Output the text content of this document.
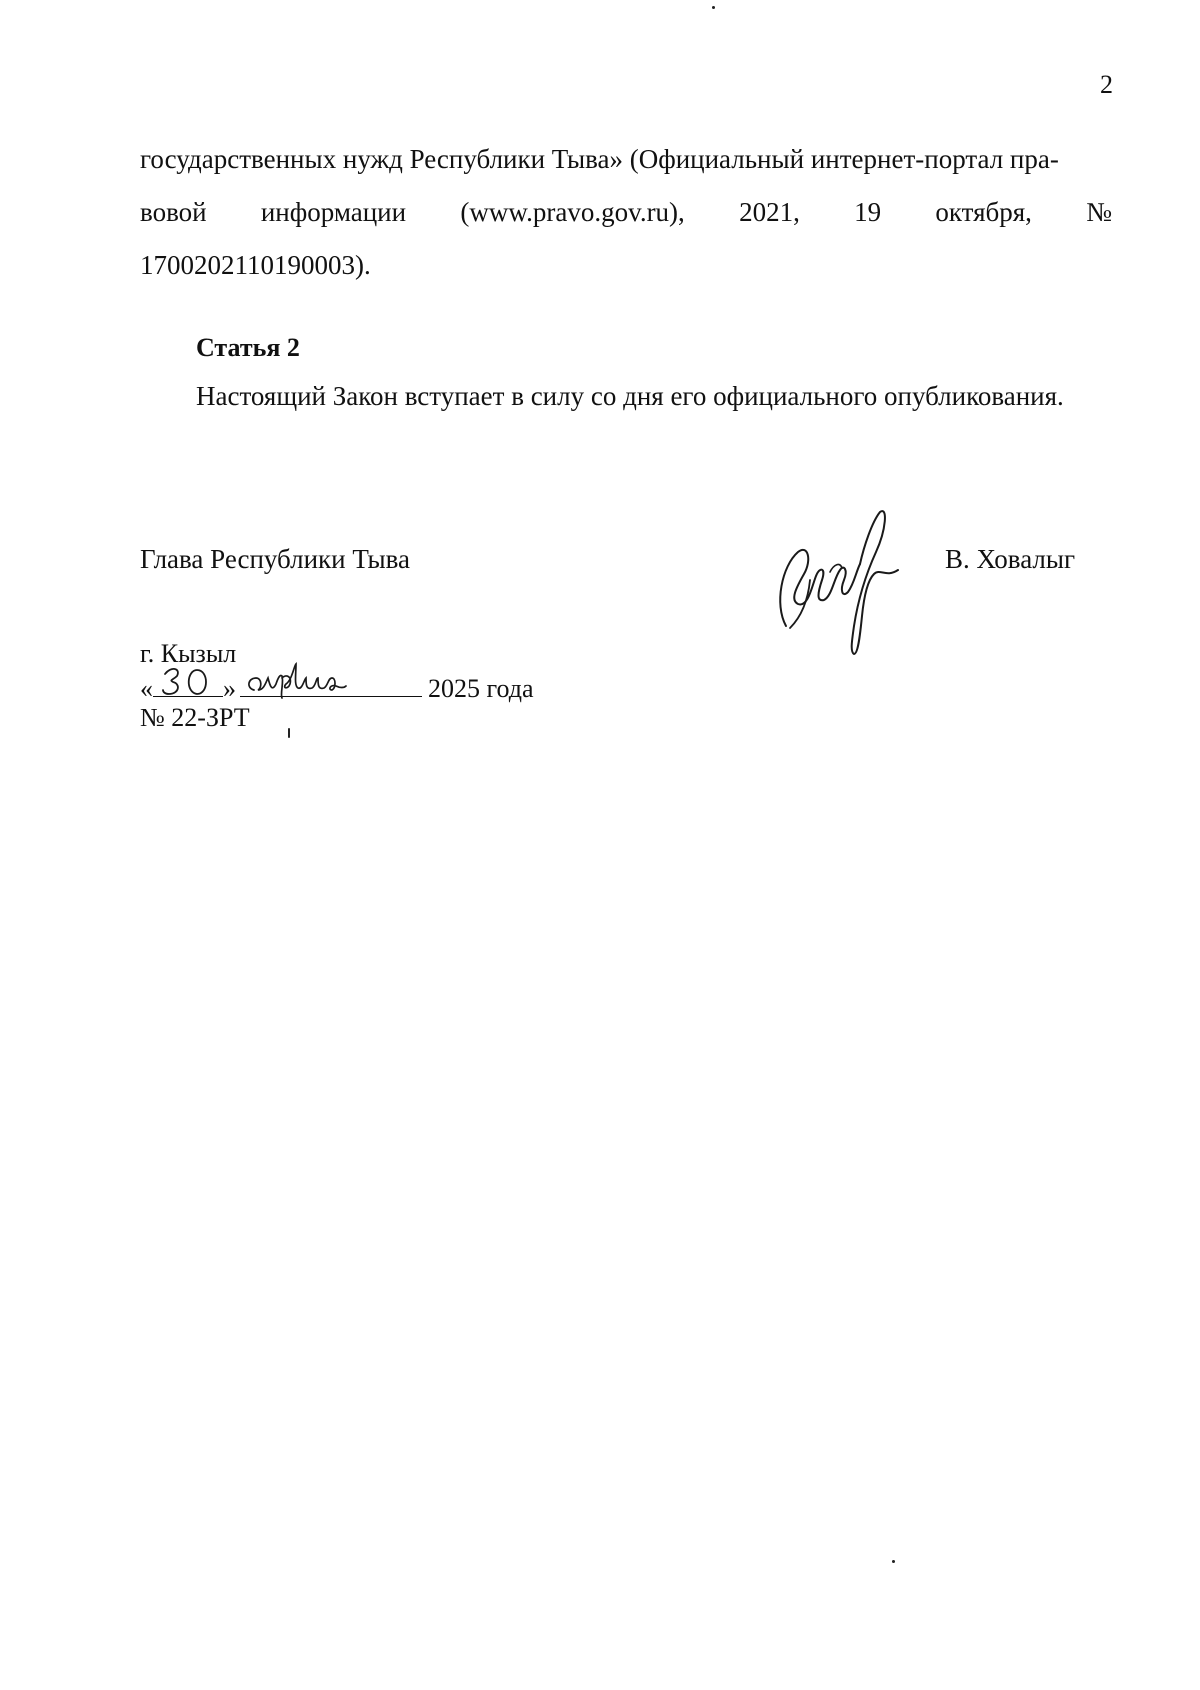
2
государственных нужд Республики Тыва» (Официальный интернет-портал пра-
вовой информации (www.pravo.gov.ru), 2021, 19 октября, №
1700202110190003).
Статья 2
Настоящий Закон вступает в силу со дня его официального опубликования.
Глава Республики Тыва	В. Ховалыг
г. Кызыл
«	»	2025 года
№ 22-ЗРТ
